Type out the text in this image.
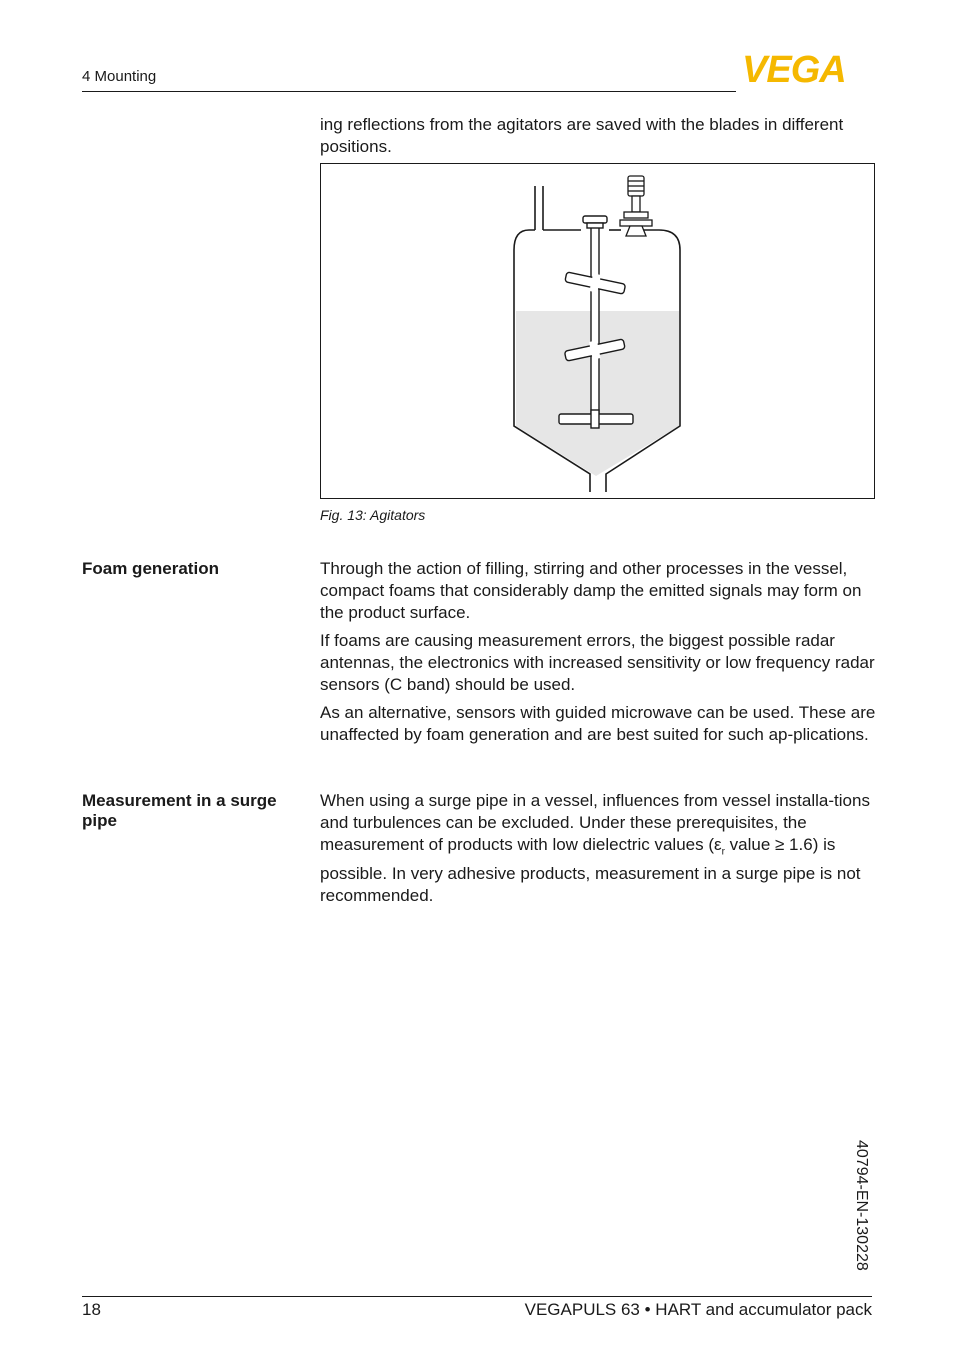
4 Mounting	VEGA
ing reflections from the agitators are saved with the blades in different positions.
Fig. 13: Agitators
Foam generation	Through the action of filling, stirring and other processes in the vessel, compact foams that considerably damp the emitted signals may form on the product surface.

If foams are causing measurement errors, the biggest possible radar antennas, the electronics with increased sensitivity or low frequency radar sensors (C band) should be used.

As an alternative, sensors with guided microwave can be used. These are unaffected by foam generation and are best suited for such ap-plications.

Measurement in a surge pipe

When using a surge pipe in a vessel, influences from vessel installa-tions and turbulences can be excluded. Under these prerequisites, the measurement of products with low dielectric values ($\varepsilon_r$ value ≥ 1.6) is possible. In very adhesive products, measurement in a surge pipe is not recommended.

40794-EN-130228
18	VEGAPULS 63 • HART and accumulator pack
